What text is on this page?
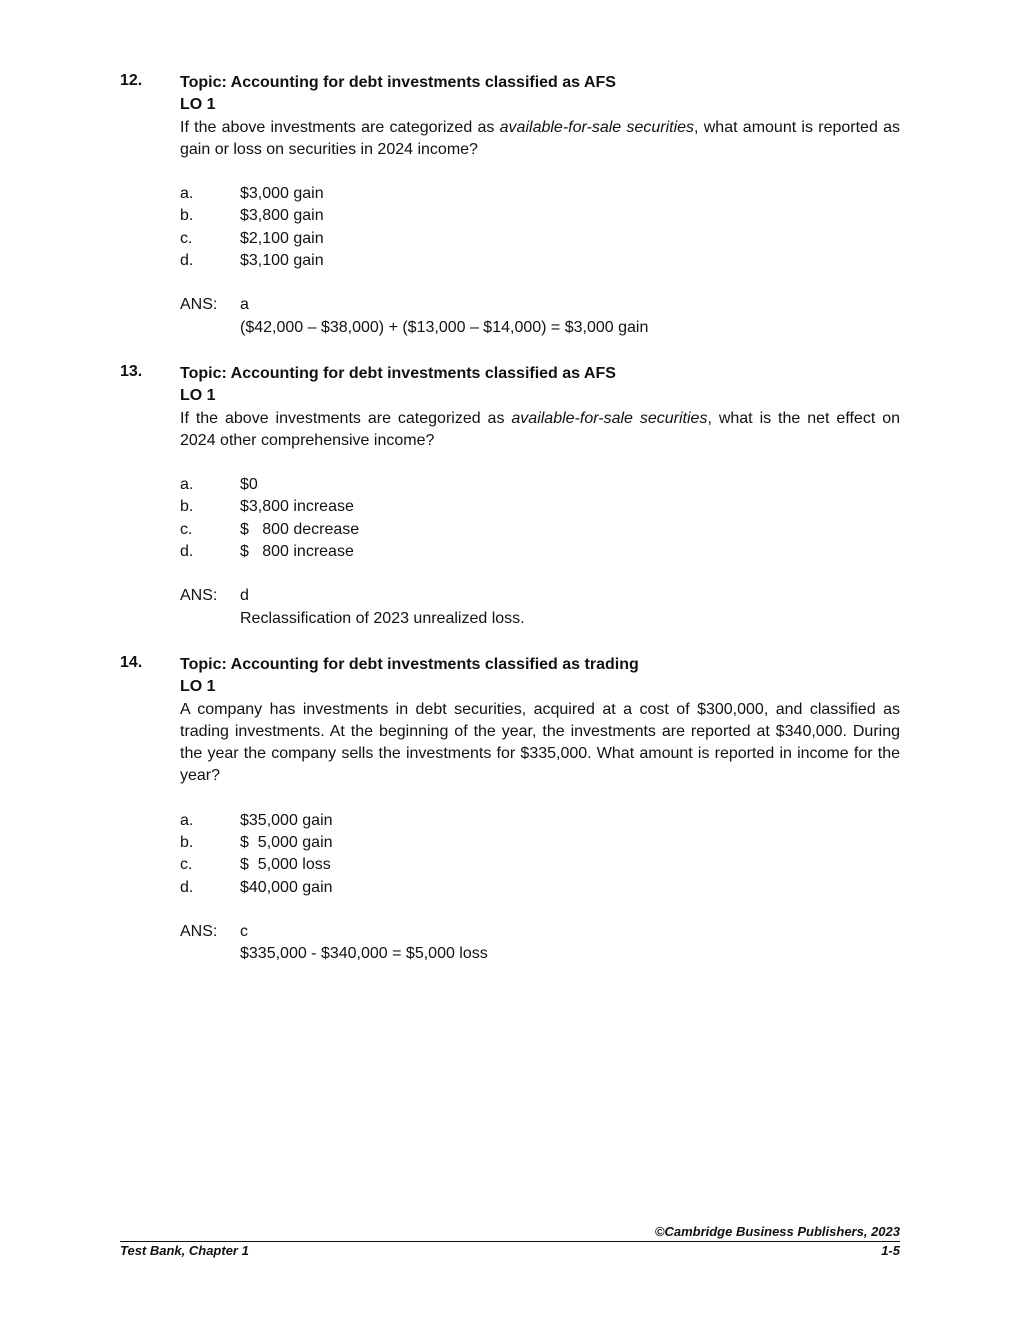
12. Topic: Accounting for debt investments classified as AFS
LO 1
If the above investments are categorized as available-for-sale securities, what amount is reported as gain or loss on securities in 2024 income?
a.	$3,000 gain
b.	$3,800 gain
c.	$2,100 gain
d.	$3,100 gain
ANS:	a
($42,000 – $38,000) + ($13,000 – $14,000) = $3,000 gain
13. Topic: Accounting for debt investments classified as AFS
LO 1
If the above investments are categorized as available-for-sale securities, what is the net effect on 2024 other comprehensive income?
a.	$0
b.	$3,800 increase
c.	$   800 decrease
d.	$   800 increase
ANS:	d
Reclassification of 2023 unrealized loss.
14. Topic: Accounting for debt investments classified as trading
LO 1
A company has investments in debt securities, acquired at a cost of $300,000, and classified as trading investments. At the beginning of the year, the investments are reported at $340,000. During the year the company sells the investments for $335,000. What amount is reported in income for the year?
a.	$35,000 gain
b.	$  5,000 gain
c.	$  5,000 loss
d.	$40,000 gain
ANS:	c
$335,000 - $340,000 = $5,000 loss
©Cambridge Business Publishers, 2023
Test Bank, Chapter 1	1-5
